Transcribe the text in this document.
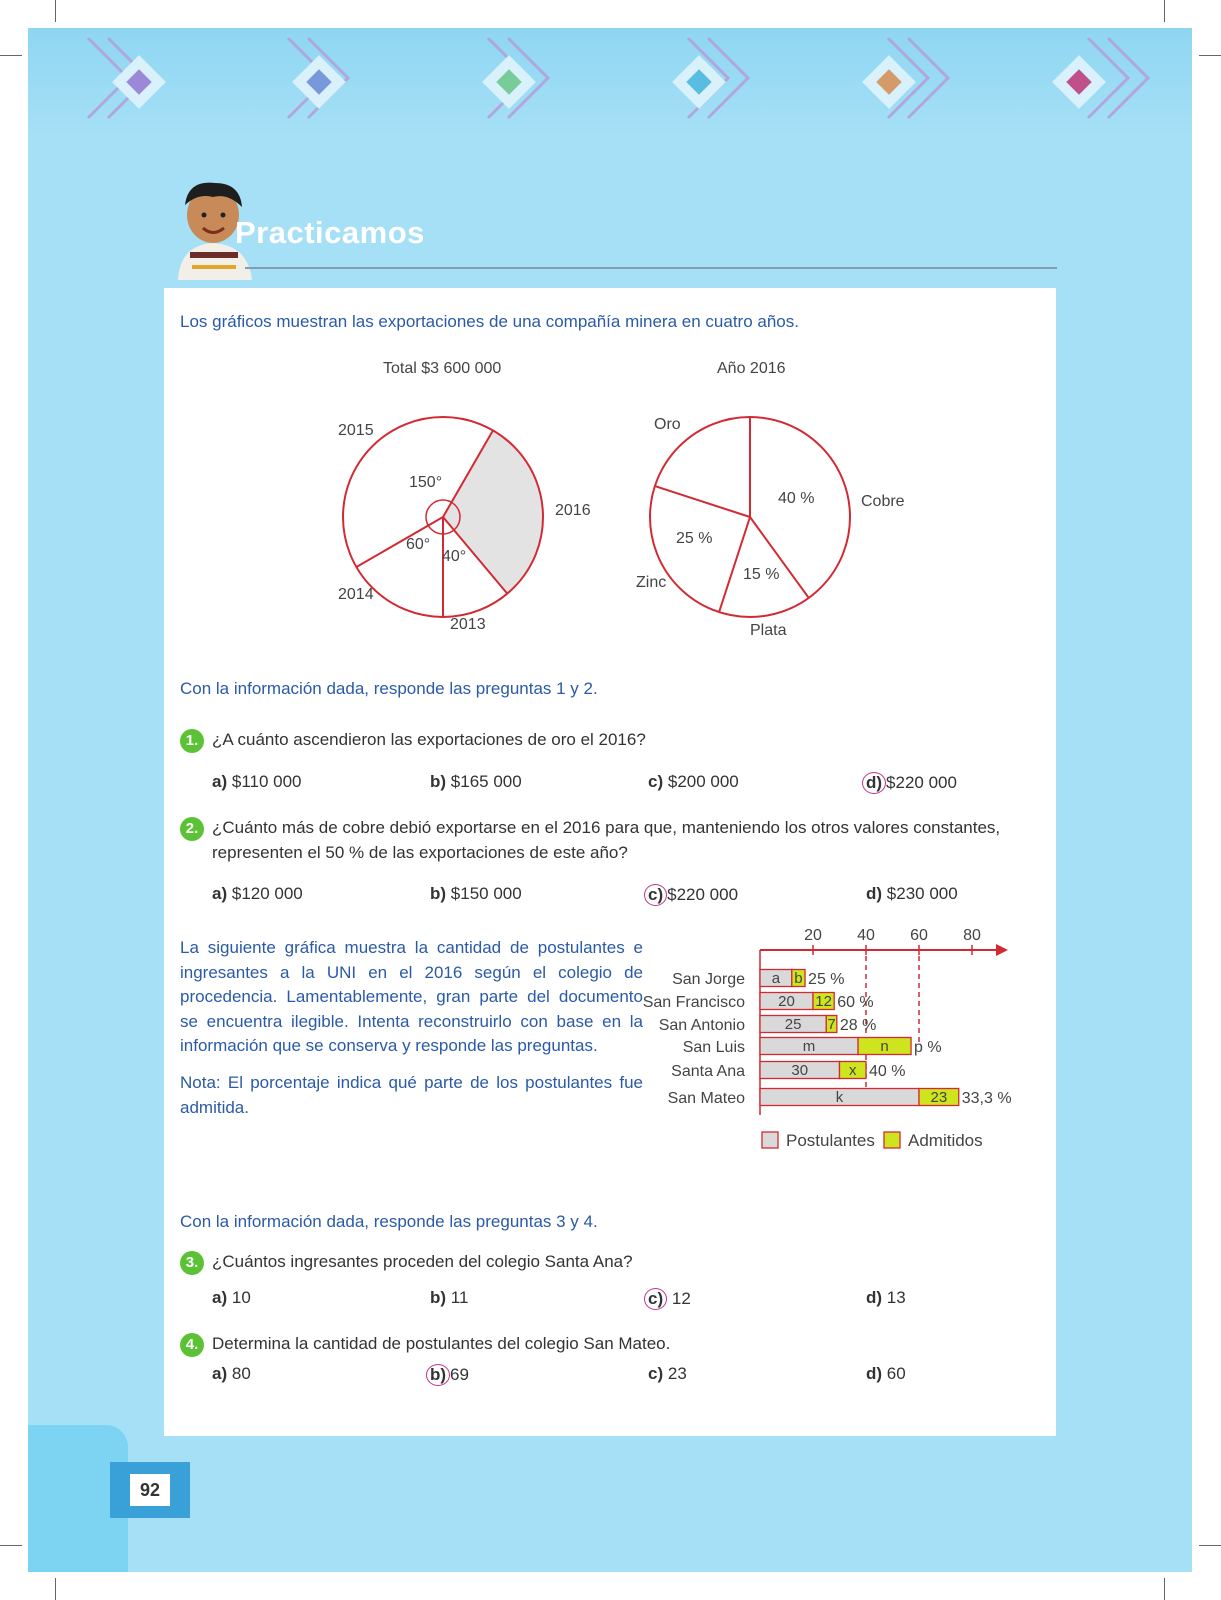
Practicamos
Los gráficos muestran las exportaciones de una compañía minera en cuatro años.
Total $3 600 000
2015
2016
2014
2013
150°
60°
40°
Año 2016
Oro
Cobre
Zinc
Plata
40 %
25 %
15 %
Con la información dada, responde las preguntas 1 y 2.
1. ¿A cuánto ascendieron las exportaciones de oro el 2016?
a) $110 000	b) $165 000	c) $200 000	d) $220 000
2. ¿Cuánto más de cobre debió exportarse en el 2016 para que, manteniendo los otros valores constantes,
representen el 50 % de las exportaciones de este año?
a) $120 000	b) $150 000	c) $220 000	d) $230 000
La siguiente gráfica muestra la cantidad de postulantes e ingresantes a la UNI en el 2016 según el colegio de procedencia. Lamentablemente, gran parte del documento se encuentra ilegible. Intenta reconstruirlo con base en la información que se conserva y responde las preguntas.
Nota: El porcentaje indica qué parte de los postulantes fue admitida.
20 40 60 80
San Jorge a b 25 %
San Francisco 20 12 60 %
San Antonio	25 7 28 %
San Luis	m	n p %
Santa Ana	30	x 40 %
San Mateo	k	23 33,3 %
Postulantes Admitidos
Con la información dada, responde las preguntas 3 y 4.
3. ¿Cuántos ingresantes proceden del colegio Santa Ana?
a) 10	b) 11	c) 12	d) 13
4. Determina la cantidad de postulantes del colegio San Mateo.
a) 80	b) 69	c) 23	d) 60
92
